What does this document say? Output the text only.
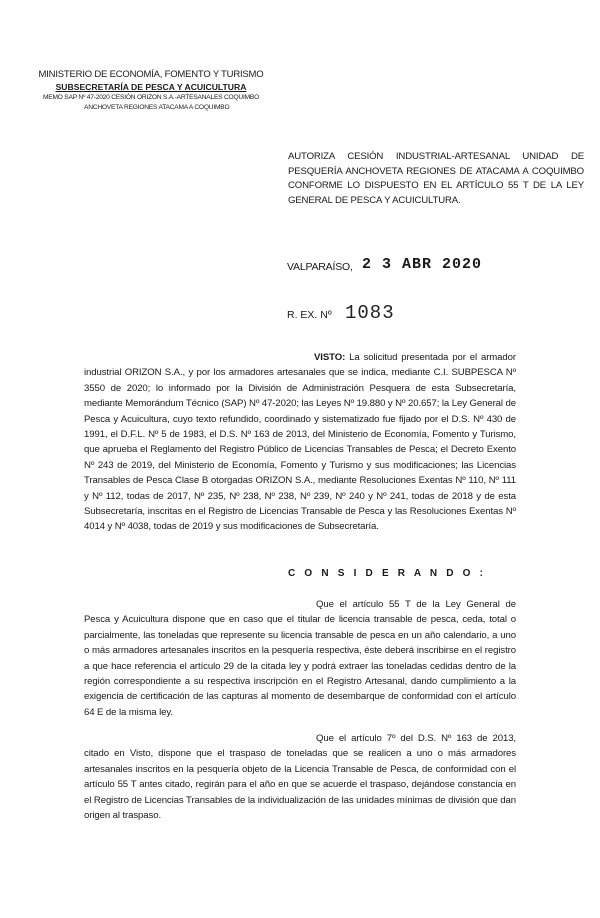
MINISTERIO DE ECONOMÍA, FOMENTO Y TURISMO
SUBSECRETARÍA DE PESCA Y ACUICULTURA
MEMO SAP Nº 47-2020 CESIÓN ORIZON S.A.-ARTESANALES COQUIMBO
ANCHOVETA REGIONES ATACAMA A COQUIMBO
AUTORIZA CESIÓN INDUSTRIAL-ARTESANAL UNIDAD DE PESQUERÍA ANCHOVETA REGIONES DE ATACAMA A COQUIMBO CONFORME LO DISPUESTO EN EL ARTÍCULO 55 T DE LA LEY GENERAL DE PESCA Y ACUICULTURA.
VALPARAÍSO, 2 3 ABR 2020
R. EX. Nº 1083

VISTO: La solicitud presentada por el armador industrial ORIZON S.A., y por los armadores artesanales que se indica, mediante C.I. SUBPESCA Nº 3550 de 2020; lo informado por la División de Administración Pesquera de esta Subsecretaría, mediante Memorándum Técnico (SAP) Nº 47-2020; las Leyes Nº 19.880 y Nº 20.657; la Ley General de Pesca y Acuicultura, cuyo texto refundido, coordinado y sistematizado fue fijado por el D.S. Nº 430 de 1991, el D.F.L. Nº 5 de 1983, el D.S. Nº 163 de 2013, del Ministerio de Economía, Fomento y Turismo, que aprueba el Reglamento del Registro Público de Licencias Transables de Pesca; el Decreto Exento Nº 243 de 2019, del Ministerio de Economía, Fomento y Turismo y sus modificaciones; las Licencias Transables de Pesca Clase B otorgadas ORIZON S.A., mediante Resoluciones Exentas Nº 110, Nº 111 y Nº 112, todas de 2017, Nº 235, Nº 238, Nº 238, Nº 239, Nº 240 y Nº 241, todas de 2018 y de esta Subsecretaría, inscritas en el Registro de Licencias Transable de Pesca y las Resoluciones Exentas Nº 4014 y Nº 4038, todas de 2019 y sus modificaciones de Subsecretaría.

C O N S I D E R A N D O :

Que el artículo 55 T de la Ley General de Pesca y Acuicultura dispone que en caso que el titular de licencia transable de pesca, ceda, total o parcialmente, las toneladas que represente su licencia transable de pesca en un año calendario, a uno o más armadores artesanales inscritos en la pesquería respectiva, éste deberá inscribirse en el registro a que hace referencia el artículo 29 de la citada ley y podrá extraer las toneladas cedidas dentro de la región correspondiente a su respectiva inscripción en el Registro Artesanal, dando cumplimiento a la exigencia de certificación de las capturas al momento de desembarque de conformidad con el artículo 64 E de la misma ley.

Que el artículo 7º del D.S. Nº 163 de 2013, citado en Visto, dispone que el traspaso de toneladas que se realicen a uno o más armadores artesanales inscritos en la pesquería objeto de la Licencia Transable de Pesca, de conformidad con el artículo 55 T antes citado, regirán para el año en que se acuerde el traspaso, dejándose constancia en el Registro de Licencias Transables de la individualización de las unidades mínimas de división que dan origen al traspaso.
